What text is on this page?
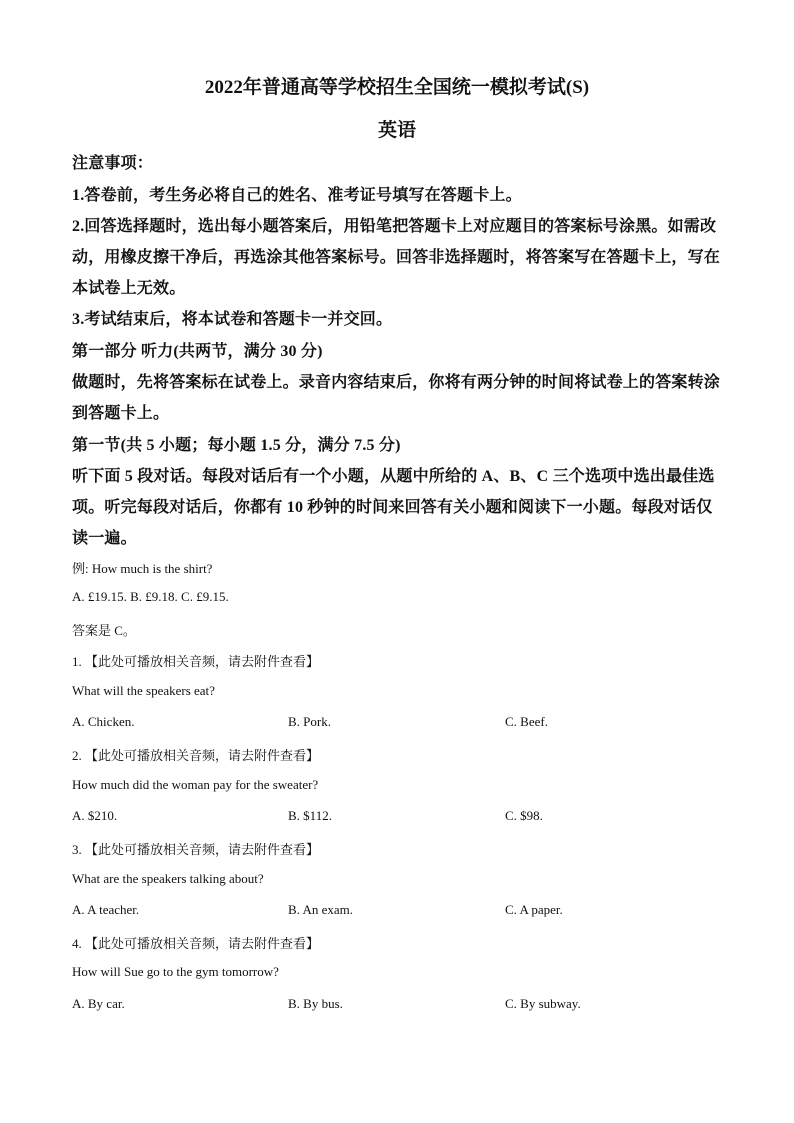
2022年普通高等学校招生全国统一模拟考试(S)
英语
注意事项：
1.答卷前，考生务必将自己的姓名、准考证号填写在答题卡上。
2.回答选择题时，选出每小题答案后，用铅笔把答题卡上对应题目的答案标号涂黑。如需改
动，用橡皮擦干净后，再选涂其他答案标号。回答非选择题时，将答案写在答题卡上，写在
本试卷上无效。
3.考试结束后，将本试卷和答题卡一并交回。
第一部分 听力(共两节，满分 30 分)
做题时，先将答案标在试卷上。录音内容结束后，你将有两分钟的时间将试卷上的答案转涂
到答题卡上。
第一节(共 5 小题；每小题 1.5 分，满分 7.5 分)
听下面 5 段对话。每段对话后有一个小题，从题中所给的 A、B、C 三个选项中选出最佳选
项。听完每段对话后，你都有 10 秒钟的时间来回答有关小题和阅读下一小题。每段对话仅
读一遍。
例: How much is the shirt?
A. £19.15. B. £9.18. C. £9.15.
答案是 C。
1. 【此处可播放相关音频，请去附件查看】
What will the speakers eat?
A. Chicken.	B. Pork.	C. Beef.
2. 【此处可播放相关音频，请去附件查看】
How much did the woman pay for the sweater?
A. $210.	B. $112.	C. $98.
3. 【此处可播放相关音频，请去附件查看】
What are the speakers talking about?
A. A teacher.	B. An exam.	C. A paper.
4. 【此处可播放相关音频，请去附件查看】
How will Sue go to the gym tomorrow?
A. By car.	B. By bus.	C. By subway.
